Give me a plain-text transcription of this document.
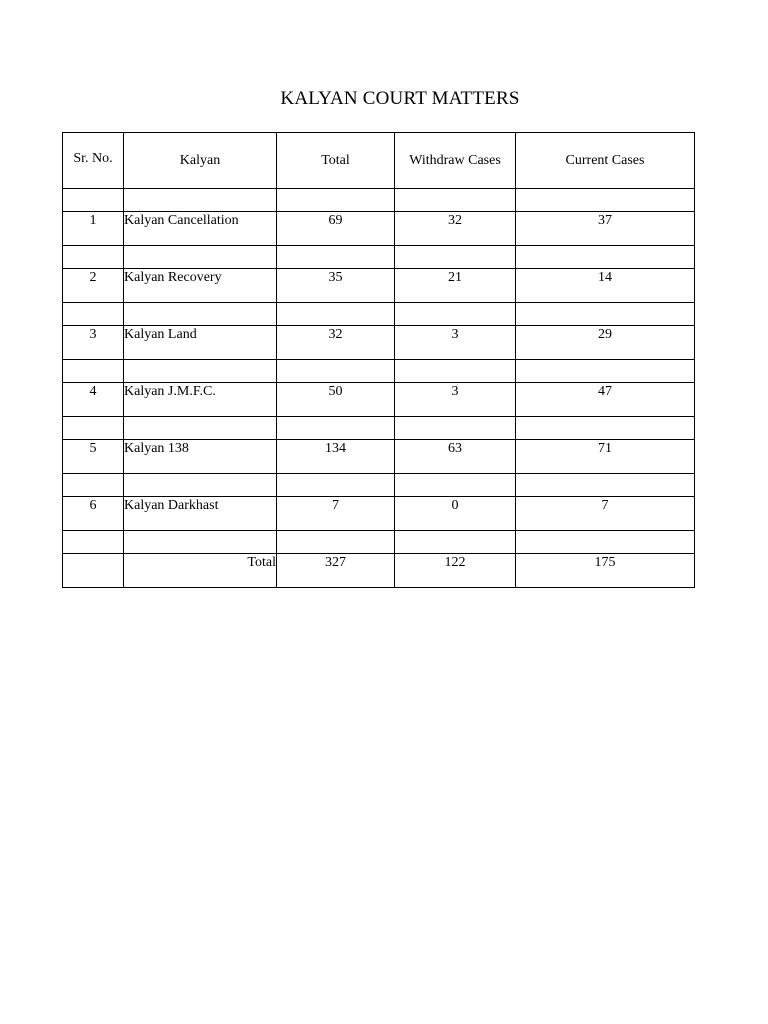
KALYAN COURT MATTERS
Sr. No.	Kalyan	Total	Withdraw Cases	Current Cases

1	Kalyan Cancellation	69	32	37

2	Kalyan Recovery	35	21	14

3	Kalyan Land	32	3	29

4	Kalyan J.M.F.C.	50	3	47

5	Kalyan 138	134	63	71

6	Kalyan Darkhast	7	0	7

	Total	327	122	175
